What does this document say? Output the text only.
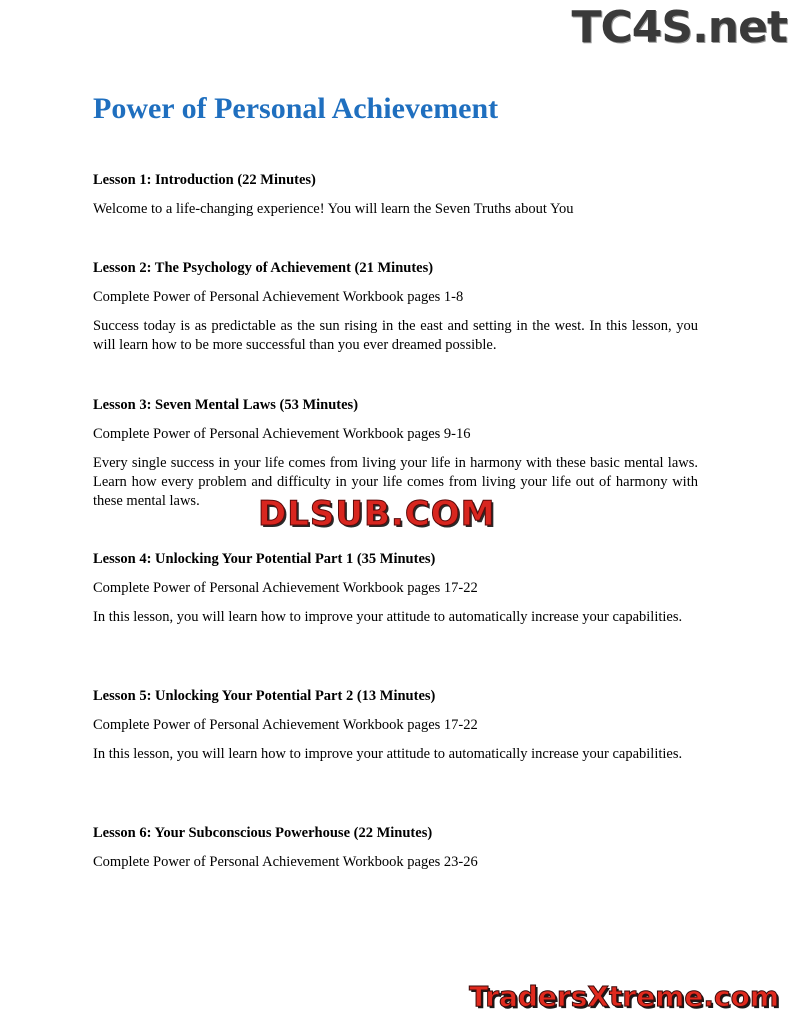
TC4S.net
Power of Personal Achievement

Lesson 1: Introduction (22 Minutes)

Welcome to a life-changing experience! You will learn the Seven Truths about You

Lesson 2: The Psychology of Achievement (21 Minutes)

Complete Power of Personal Achievement Workbook pages 1-8

Success today is as predictable as the sun rising in the east and setting in the west. In this lesson, you will learn how to be more successful than you ever dreamed possible.

Lesson 3: Seven Mental Laws (53 Minutes)

Complete Power of Personal Achievement Workbook pages 9-16

Every single success in your life comes from living your life in harmony with these basic mental laws. Learn how every problem and difficulty in your life comes from living your life out of harmony with these mental laws.	DLSUB.COM

Lesson 4: Unlocking Your Potential Part 1 (35 Minutes)

Complete Power of Personal Achievement Workbook pages 17-22

In this lesson, you will learn how to improve your attitude to automatically increase your capabilities.

Lesson 5: Unlocking Your Potential Part 2 (13 Minutes)

Complete Power of Personal Achievement Workbook pages 17-22

In this lesson, you will learn how to improve your attitude to automatically increase your capabilities.

Lesson 6: Your Subconscious Powerhouse (22 Minutes)

Complete Power of Personal Achievement Workbook pages 23-26

TradersXtreme.com
